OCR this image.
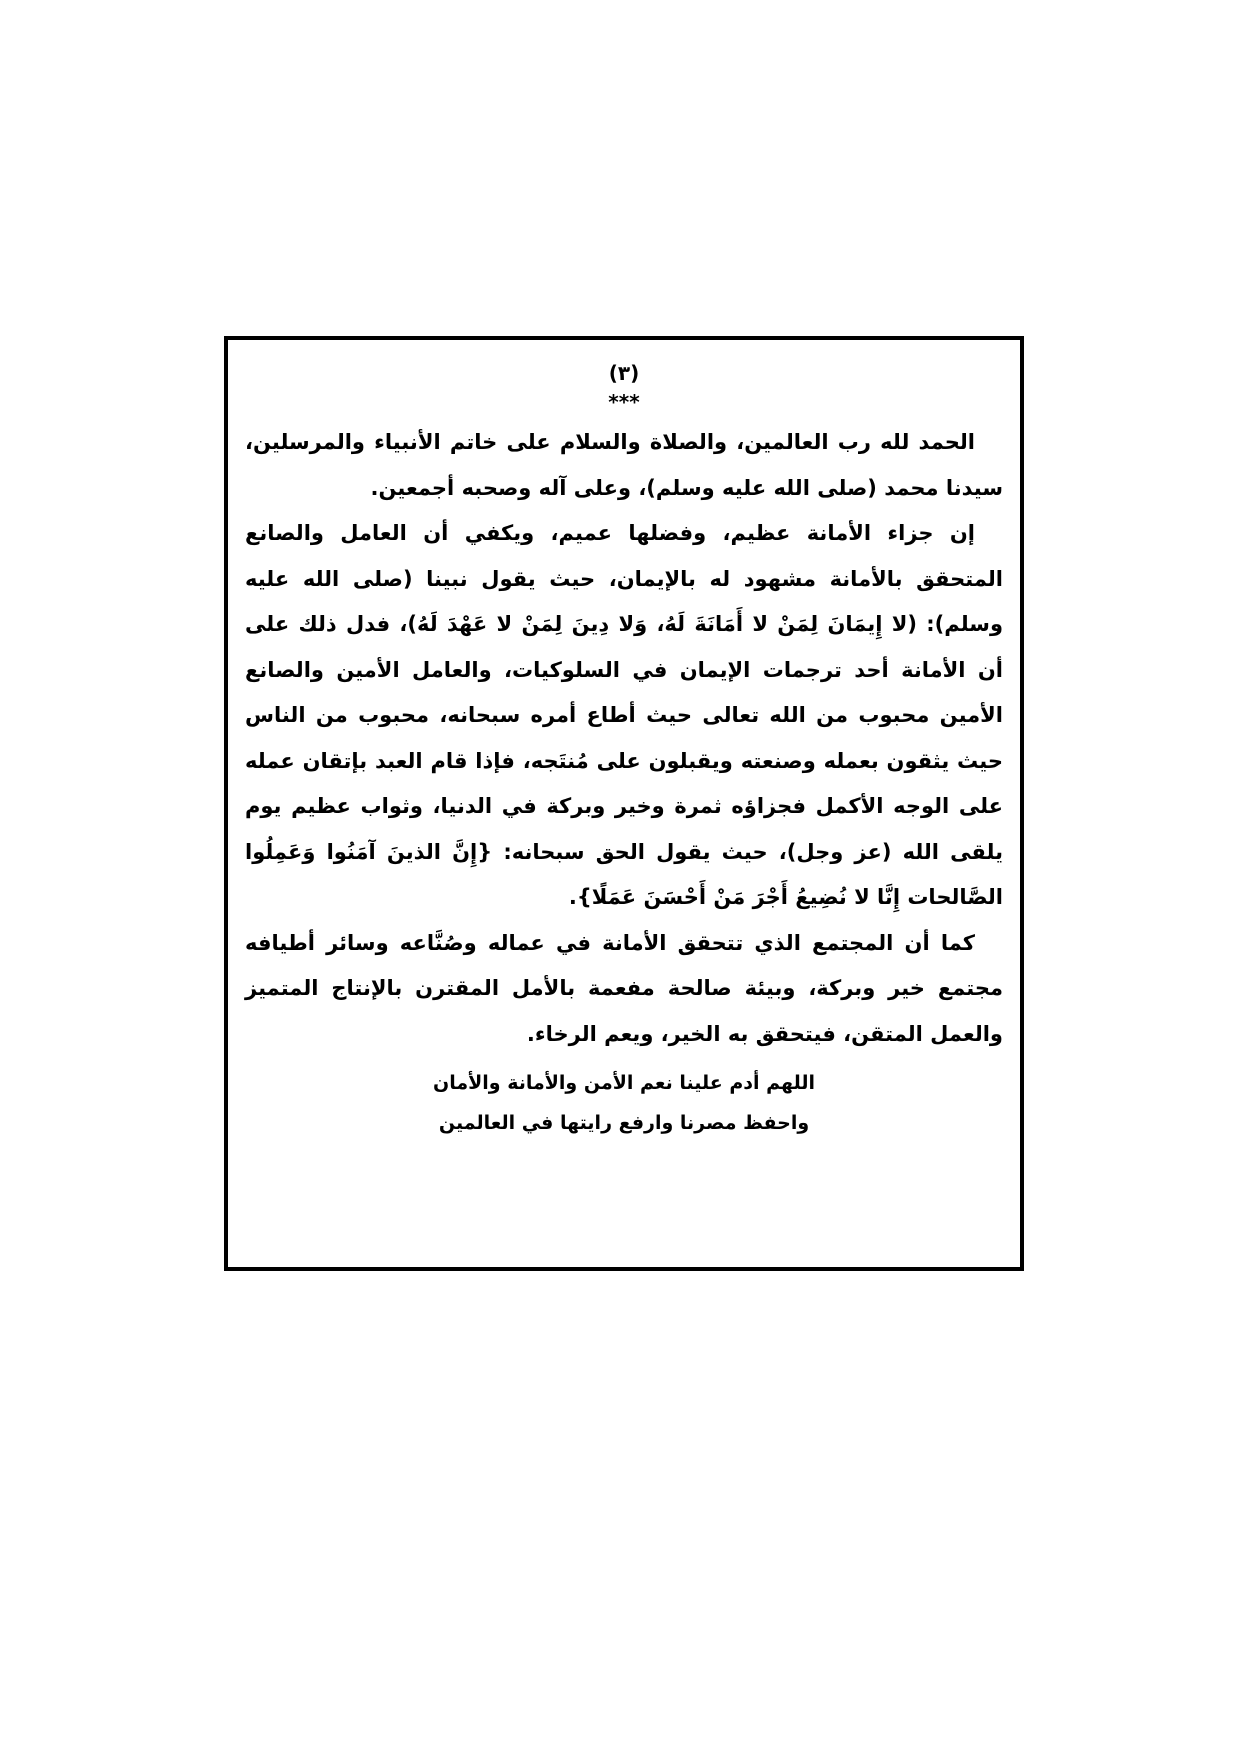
(٣)
***

الحمد لله رب العالمين، والصلاة والسلام على خاتم الأنبياء والمرسلين، سيدنا محمد (صلى الله عليه وسلم)، وعلى آله وصحبه أجمعين.

إن جزاء الأمانة عظيم، وفضلها عميم، ويكفي أن العامل والصانع المتحقق بالأمانة مشهود له بالإيمان، حيث يقول نبينا (صلى الله عليه وسلم): (لا إِيمَانَ لِمَنْ لا أَمَانَةَ لَهُ، وَلا دِينَ لِمَنْ لا عَهْدَ لَهُ)، فدل ذلك على أن الأمانة أحد ترجمات الإيمان في السلوكيات، والعامل الأمين والصانع الأمين محبوب من الله تعالى حيث أطاع أمره سبحانه، محبوب من الناس حيث يثقون بعمله وصنعته ويقبلون على مُنتَجه، فإذا قام العبد بإتقان عمله على الوجه الأكمل فجزاؤه ثمرة وخير وبركة في الدنيا، وثواب عظيم يوم يلقى الله (عز وجل)، حيث يقول الحق سبحانه: {إِنَّ الذينَ آمَنُوا وَعَمِلُوا الصَّالحات إِنَّا لا نُضِيعُ أَجْرَ مَنْ أَحْسَنَ عَمَلًا}.

كما أن المجتمع الذي تتحقق الأمانة في عماله وصُنَّاعه وسائر أطيافه مجتمع خير وبركة، وبيئة صالحة مفعمة بالأمل المقترن بالإنتاج المتميز والعمل المتقن، فيتحقق به الخير، ويعم الرخاء.

اللهم أدم علينا نعم الأمن والأمانة والأمان

واحفظ مصرنا وارفع رايتها في العالمين
